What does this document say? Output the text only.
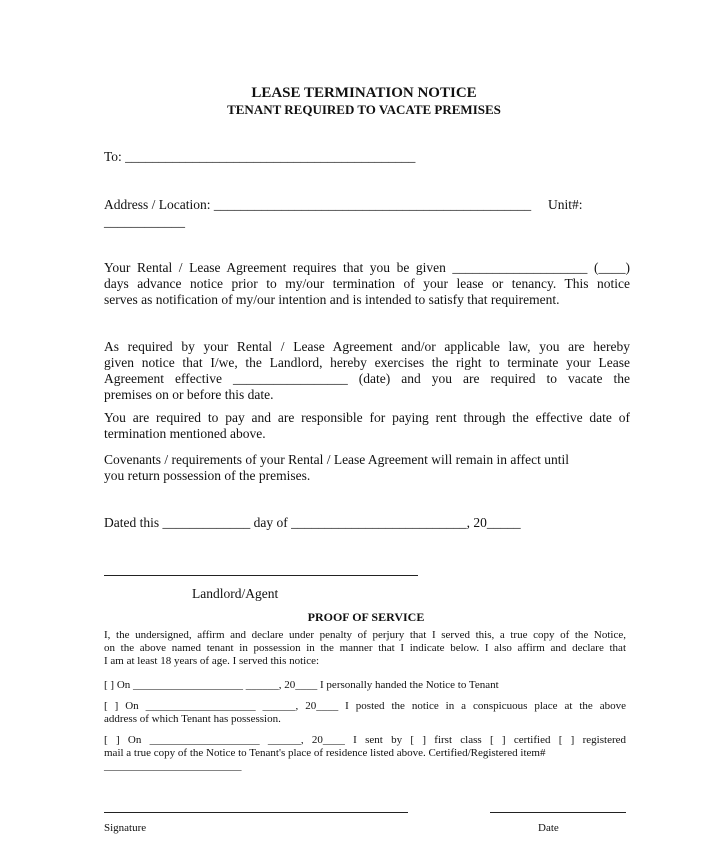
LEASE TERMINATION NOTICE
TENANT REQUIRED TO VACATE PREMISES
To: ___________________________________________
Address / Location: _______________________________________________ Unit#:
____________
Your Rental / Lease Agreement requires that you be given ____________________ (____)
days advance notice prior to my/our termination of your lease or tenancy. This notice
serves as notification of my/our intention and is intended to satisfy that requirement.
As required by your Rental / Lease Agreement and/or applicable law, you are hereby
given notice that I/we, the Landlord, hereby exercises the right to terminate your Lease
Agreement effective _________________ (date) and you are required to vacate the
premises on or before this date.
You are required to pay and are responsible for paying rent through the effective date of
termination mentioned above.
Covenants / requirements of your Rental / Lease Agreement will remain in affect until
you return possession of the premises.
Dated this _____________ day of __________________________, 20_____
Landlord/Agent
PROOF OF SERVICE
I, the undersigned, affirm and declare under penalty of perjury that I served this, a true copy of the Notice,
on the above named tenant in possession in the manner that I indicate below. I also affirm and declare that
I am at least 18 years of age. I served this notice:
[ ] On ____________________ ______, 20____ I personally handed the Notice to Tenant
[ ] On ____________________ ______, 20____ I posted the notice in a conspicuous place at the above
address of which Tenant has possession.
[ ] On ____________________ ______, 20____ I sent by [ ] first class [ ] certified [ ] registered
mail a true copy of the Notice to Tenant's place of residence listed above. Certified/Registered item#
_________________________
Signature	Date
